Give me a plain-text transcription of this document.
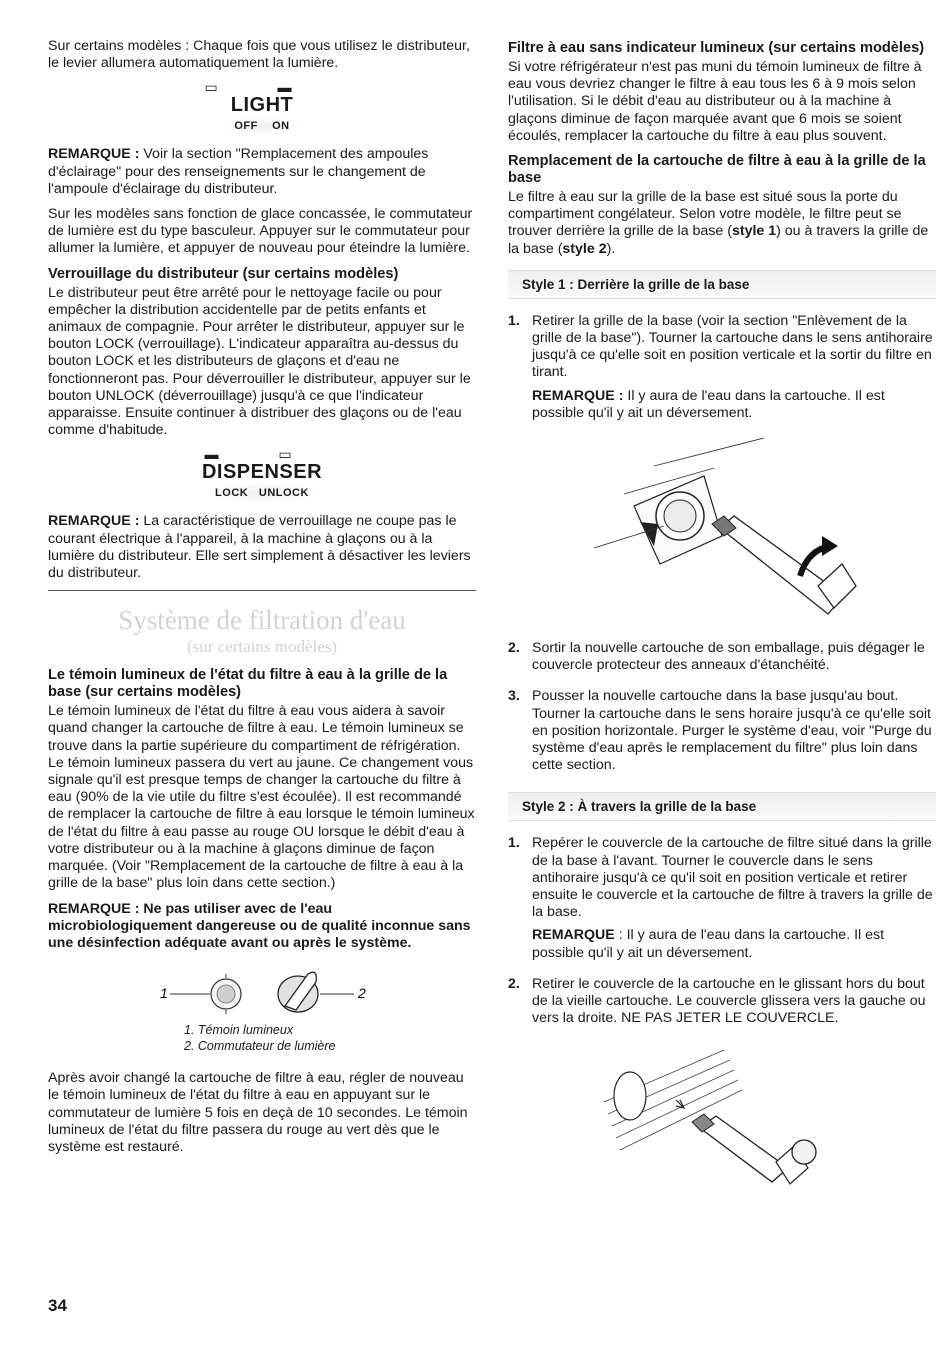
Sur certains modèles : Chaque fois que vous utilisez le distributeur, le levier allumera automatiquement la lumière.

▭ ▬
LIGHT
OFF ON

REMARQUE : Voir la section "Remplacement des ampoules d'éclairage" pour des renseignements sur le changement de l'ampoule d'éclairage du distributeur.

Sur les modèles sans fonction de glace concassée, le commutateur de lumière est du type basculeur. Appuyer sur le commutateur pour allumer la lumière, et appuyer de nouveau pour éteindre la lumière.

Verrouillage du distributeur (sur certains modèles)

Le distributeur peut être arrêté pour le nettoyage facile ou pour empêcher la distribution accidentelle par de petits enfants et animaux de compagnie. Pour arrêter le distributeur, appuyer sur le bouton LOCK (verrouillage). L'indicateur apparaîtra au-dessus du bouton LOCK et les distributeurs de glaçons et d'eau ne fonctionneront pas. Pour déverrouiller le distributeur, appuyer sur le bouton UNLOCK (déverrouillage) jusqu'à ce que l'indicateur apparaisse. Ensuite continuer à distribuer des glaçons ou de l'eau comme d'habitude.

▬ ▭
DISPENSER
LOCK UNLOCK

REMARQUE : La caractéristique de verrouillage ne coupe pas le courant électrique à l'appareil, à la machine à glaçons ou à la lumière du distributeur. Elle sert simplement à désactiver les leviers du distributeur.

Système de filtration d'eau
(sur certains modèles)
Le témoin lumineux de l'état du filtre à eau à la grille de la base (sur certains modèles)

Le témoin lumineux de l'état du filtre à eau vous aidera à savoir quand changer la cartouche de filtre à eau. Le témoin lumineux se trouve dans la partie supérieure du compartiment de réfrigération. Le témoin lumineux passera du vert au jaune. Ce changement vous signale qu'il est presque temps de changer la cartouche du filtre à eau (90% de la vie utile du filtre s'est écoulée). Il est recommandé de remplacer la cartouche de filtre à eau lorsque le témoin lumineux de l'état du filtre à eau passe au rouge OU lorsque le débit d'eau à votre distributeur ou à la machine à glaçons diminue de façon marquée. (Voir "Remplacement de la cartouche de filtre à eau à la grille de la base" plus loin dans cette section.)

REMARQUE : Ne pas utiliser avec de l'eau microbiologiquement dangereuse ou de qualité inconnue sans une désinfection adéquate avant ou après le système.

1	2
1. Témoin lumineux
2. Commutateur de lumière

Après avoir changé la cartouche de filtre à eau, régler de nouveau le témoin lumineux de l'état du filtre à eau en appuyant sur le commutateur de lumière 5 fois en deçà de 10 secondes. Le témoin lumineux de l'état du filtre passera du rouge au vert dès que le système est restauré.

Filtre à eau sans indicateur lumineux (sur certains modèles)

Si votre réfrigérateur n'est pas muni du témoin lumineux de filtre à eau vous devriez changer le filtre à eau tous les 6 à 9 mois selon l'utilisation. Si le débit d'eau au distributeur ou à la machine à glaçons diminue de façon marquée avant que 6 mois se soient écoulés, remplacer la cartouche du filtre à eau plus souvent.

Remplacement de la cartouche de filtre à eau à la grille de la base

Le filtre à eau sur la grille de la base est situé sous la porte du compartiment congélateur. Selon votre modèle, le filtre peut se trouver derrière la grille de la base (style 1) ou à travers la grille de la base (style 2).

Style 1 : Derrière la grille de la base
1. Retirer la grille de la base (voir la section "Enlèvement de la grille de la base"). Tourner la cartouche dans le sens antihoraire jusqu'à ce qu'elle soit en position verticale et la sortir du filtre en tirant.

REMARQUE : Il y aura de l'eau dans la cartouche. Il est possible qu'il y ait un déversement.

2. Sortir la nouvelle cartouche de son emballage, puis dégager le couvercle protecteur des anneaux d'étanchéité.

3. Pousser la nouvelle cartouche dans la base jusqu'au bout. Tourner la cartouche dans le sens horaire jusqu'à ce qu'elle soit en position horizontale. Purger le système d'eau, voir "Purge du système d'eau après le remplacement du filtre" plus loin dans cette section.

Style 2 : À travers la grille de la base
1. Repérer le couvercle de la cartouche de filtre situé dans la grille de la base à l'avant. Tourner le couvercle dans le sens antihoraire jusqu'à ce qu'il soit en position verticale et retirer ensuite le couvercle et la cartouche de filtre à travers la grille de la base.

REMARQUE : Il y aura de l'eau dans la cartouche. Il est possible qu'il y ait un déversement.

2. Retirer le couvercle de la cartouche en le glissant hors du bout de la vieille cartouche. Le couvercle glissera vers la gauche ou vers la droite. NE PAS JETER LE COUVERCLE.

34
